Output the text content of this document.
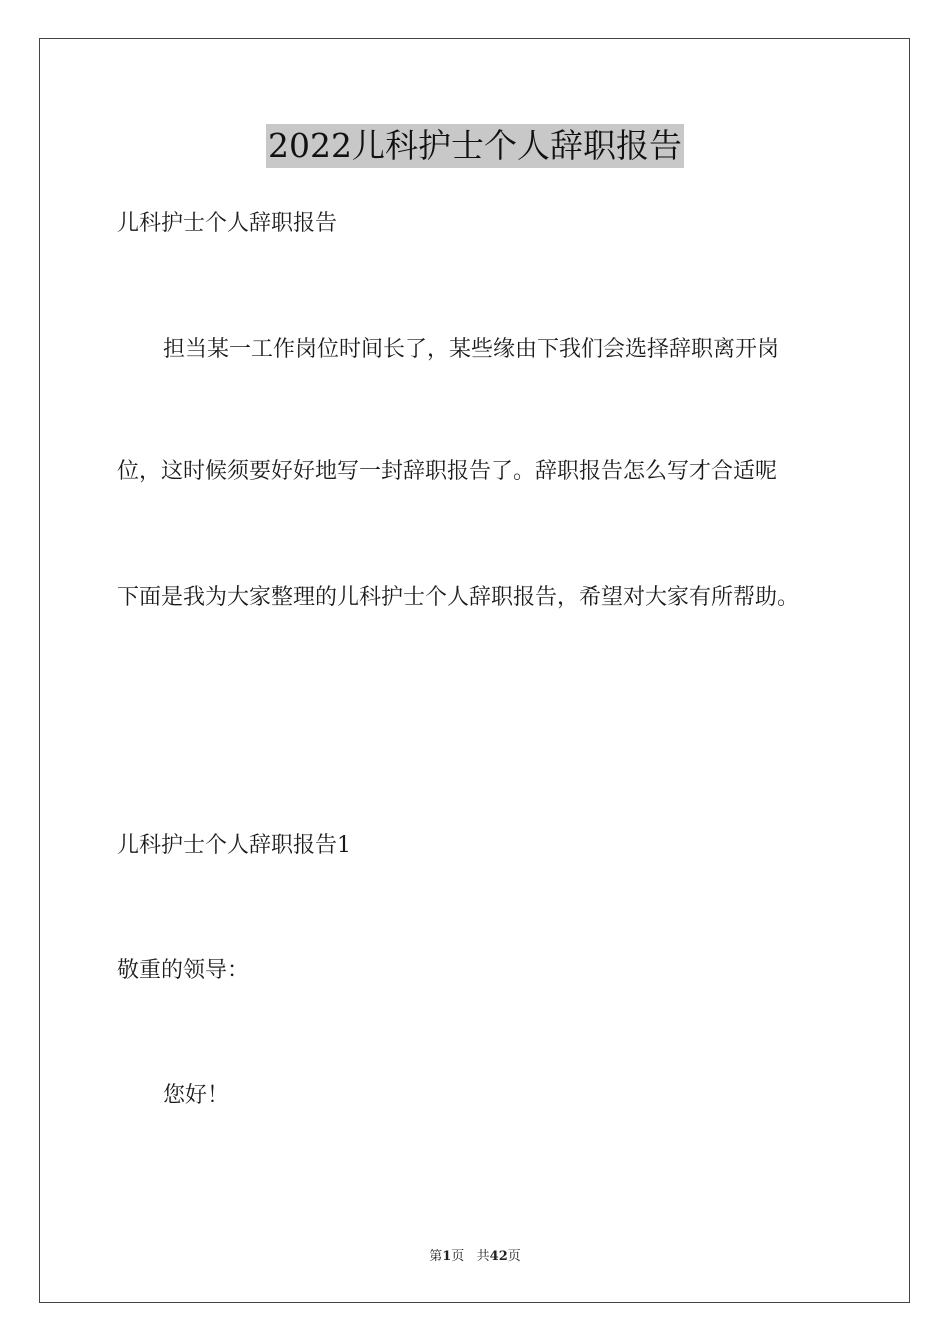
2022儿科护士个人辞职报告
儿科护士个人辞职报告
担当某一工作岗位时间长了，某些缘由下我们会选择辞职离开岗
位，这时候须要好好地写一封辞职报告了。辞职报告怎么写才合适呢
下面是我为大家整理的儿科护士个人辞职报告，希望对大家有所帮助。
儿科护士个人辞职报告1
敬重的领导：
您好！
第1页   共42页
